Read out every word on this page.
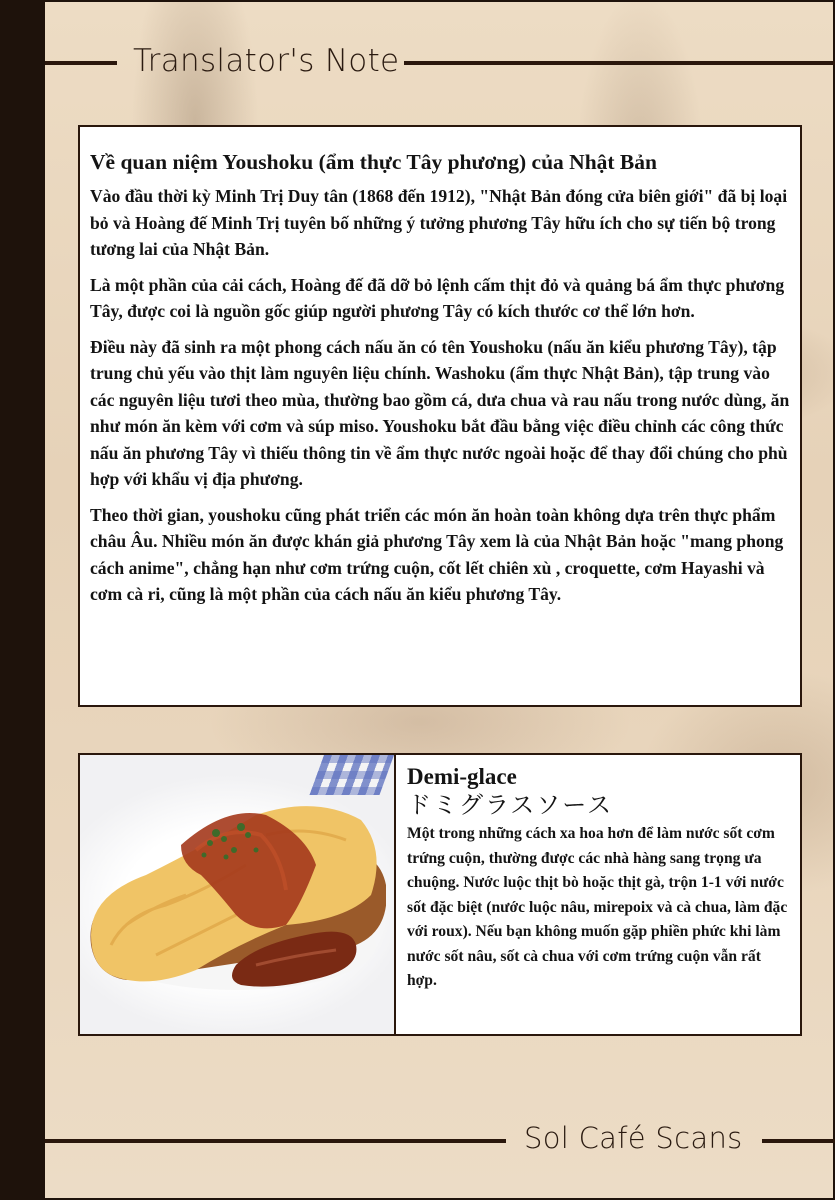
Translator's Note
Về quan niệm Youshoku (ẩm thực Tây phương) của Nhật Bản

Vào đầu thời kỳ Minh Trị Duy tân (1868 đến 1912), "Nhật Bản đóng cửa biên giới" đã bị loại bỏ và Hoàng đế Minh Trị tuyên bố những ý tưởng phương Tây hữu ích cho sự tiến bộ trong tương lai của Nhật Bản.

Là một phần của cải cách, Hoàng đế đã dỡ bỏ lệnh cấm thịt đỏ và quảng bá ẩm thực phương Tây, được coi là nguồn gốc giúp người phương Tây có kích thước cơ thể lớn hơn.

Điều này đã sinh ra một phong cách nấu ăn có tên Youshoku (nấu ăn kiểu phương Tây), tập trung chủ yếu vào thịt làm nguyên liệu chính. Washoku (ẩm thực Nhật Bản), tập trung vào các nguyên liệu tươi theo mùa, thường bao gồm cá, dưa chua và rau nấu trong nước dùng, ăn như món ăn kèm với cơm và súp miso. Youshoku bắt đầu bằng việc điều chỉnh các công thức nấu ăn phương Tây vì thiếu thông tin về ẩm thực nước ngoài hoặc để thay đổi chúng cho phù hợp với khẩu vị địa phương.

Theo thời gian, youshoku cũng phát triển các món ăn hoàn toàn không dựa trên thực phẩm châu Âu. Nhiều món ăn được khán giả phương Tây xem là của Nhật Bản hoặc "mang phong cách anime", chẳng hạn như cơm trứng cuộn, cốt lết chiên xù , croquette, cơm Hayashi và cơm cà ri, cũng là một phần của cách nấu ăn kiểu phương Tây.

Demi-glace
ドミグラスソース

Một trong những cách xa hoa hơn để làm nước sốt cơm trứng cuộn, thường được các nhà hàng sang trọng ưa chuộng. Nước luộc thịt bò hoặc thịt gà, trộn 1-1 với nước sốt đặc biệt (nước luộc nâu, mirepoix và cà chua, làm đặc với roux). Nếu bạn không muốn gặp phiền phức khi làm nước sốt nâu, sốt cà chua với cơm trứng cuộn vẫn rất hợp.

Sol Café Scans
